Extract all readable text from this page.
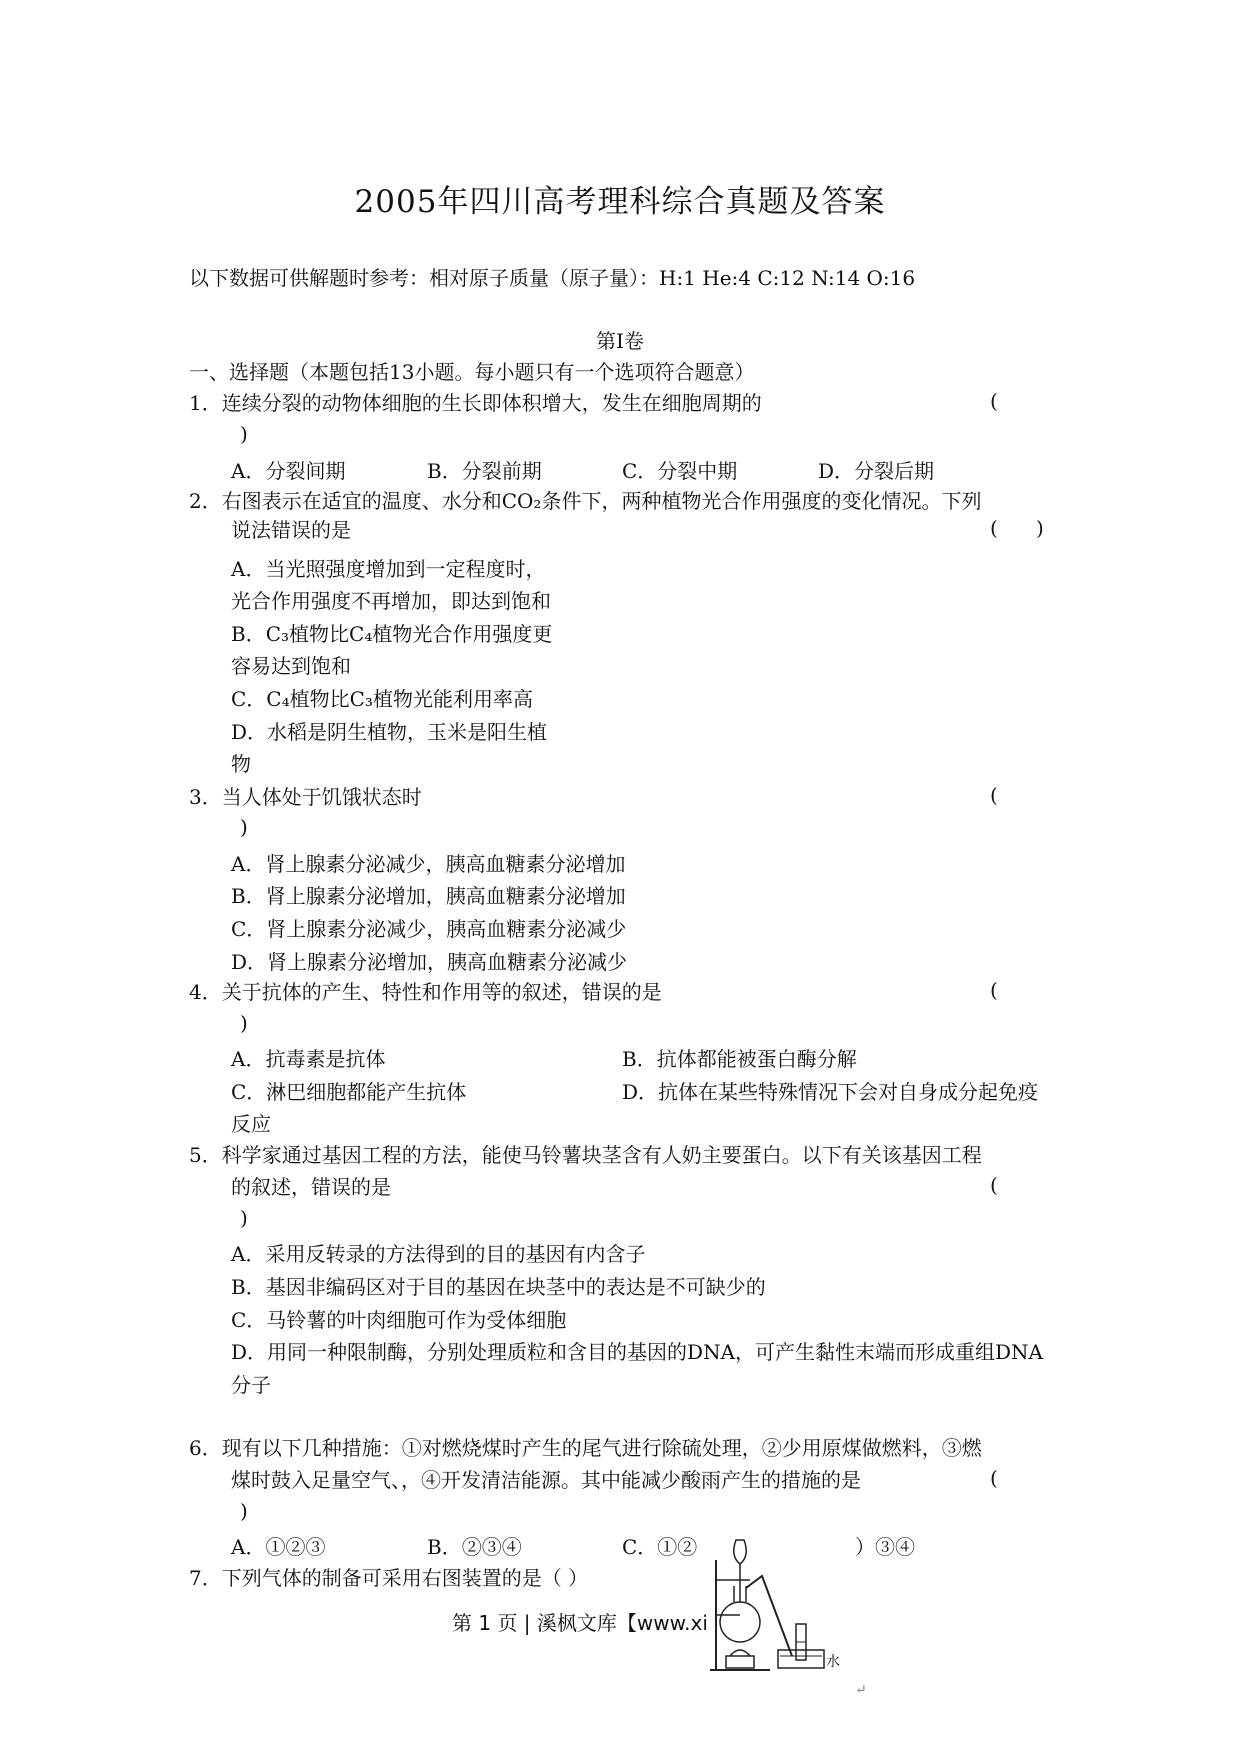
2005年四川高考理科综合真题及答案
以下数据可供解题时参考：相对原子质量（原子量）：H:1 He:4 C:12 N:14 O:16
第I卷
一、选择题（本题包括13小题。每小题只有一个选项符合题意）
1．连续分裂的动物体细胞的生长即体积增大，发生在细胞周期的	(
)
A．分裂间期	B．分裂前期	C．分裂中期	D．分裂后期
2．右图表示在适宜的温度、水分和CO₂条件下，两种植物光合作用强度的变化情况。下列
说法错误的是	(      )
A．当光照强度增加到一定程度时，
光合作用强度不再增加，即达到饱和
B．C₃植物比C₄植物光合作用强度更
容易达到饱和
C．C₄植物比C₃植物光能利用率高
D．水稻是阴生植物，玉米是阳生植
物
3．当人体处于饥饿状态时	(
)
A．肾上腺素分泌减少，胰高血糖素分泌增加
B．肾上腺素分泌增加，胰高血糖素分泌增加
C．肾上腺素分泌减少，胰高血糖素分泌减少
D．肾上腺素分泌增加，胰高血糖素分泌减少
4．关于抗体的产生、特性和作用等的叙述，错误的是	(
)
A．抗毒素是抗体	B．抗体都能被蛋白酶分解
C．淋巴细胞都能产生抗体	D．抗体在某些特殊情况下会对自身成分起免疫
反应
5．科学家通过基因工程的方法，能使马铃薯块茎含有人奶主要蛋白。以下有关该基因工程
的叙述，错误的是	(
)
A．采用反转录的方法得到的目的基因有内含子
B．基因非编码区对于目的基因在块茎中的表达是不可缺少的
C．马铃薯的叶肉细胞可作为受体细胞
D．用同一种限制酶，分别处理质粒和含目的基因的DNA，可产生黏性末端而形成重组DNA
分子
6．现有以下几种措施：①对燃烧煤时产生的尾气进行除硫处理，②少用原煤做燃料，③燃
煤时鼓入足量空气、，④开发清洁能源。其中能减少酸雨产生的措施的是	(
)
A．①②③	B．②③④	C．①②	）③④
7．下列气体的制备可采用右图装置的是（ ）
水
第 1 页 | 溪枫文库【www.xi
↵
